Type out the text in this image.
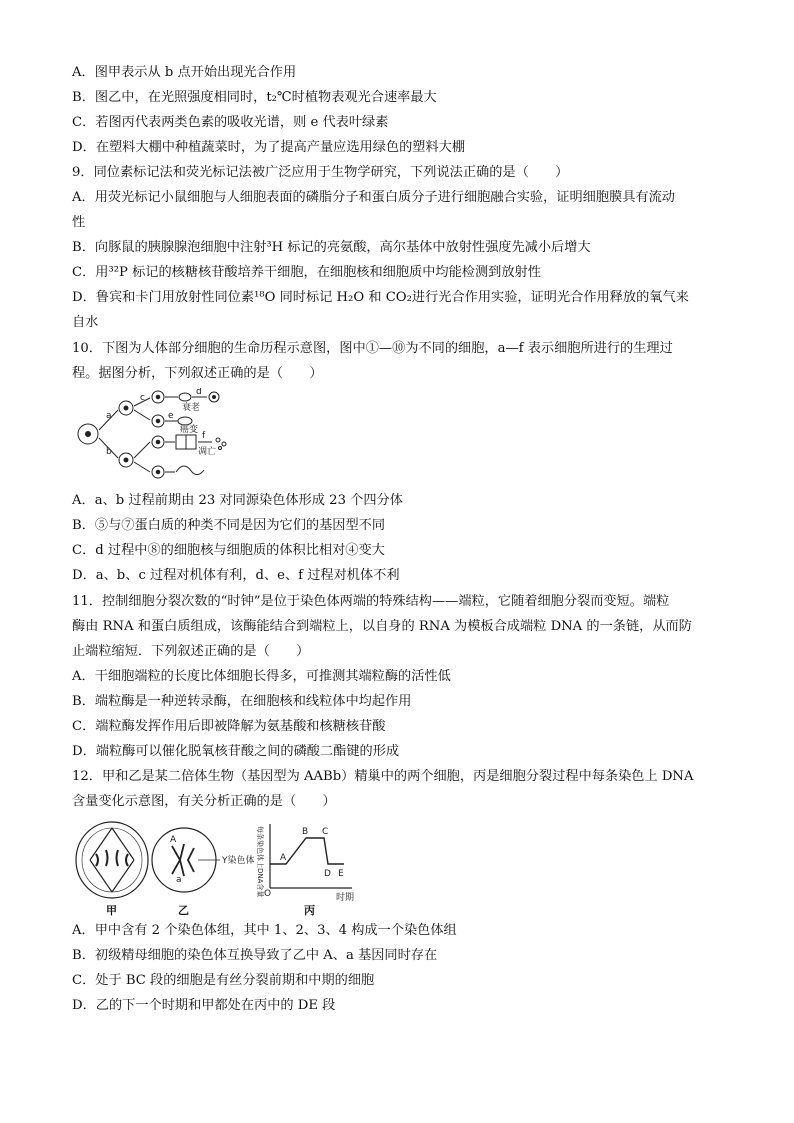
A．图甲表示从 b 点开始出现光合作用
B．图乙中，在光照强度相同时，t₂℃时植物表观光合速率最大
C．若图丙代表两类色素的吸收光谱，则 e 代表叶绿素
D．在塑料大棚中种植蔬菜时，为了提高产量应选用绿色的塑料大棚
9．同位素标记法和荧光标记法被广泛应用于生物学研究，下列说法正确的是（　　）
A．用荧光标记小鼠细胞与人细胞表面的磷脂分子和蛋白质分子进行细胞融合实验，证明细胞膜具有流动
性
B．向豚鼠的胰腺腺泡细胞中注射³H 标记的亮氨酸，高尔基体中放射性强度先减小后增大
C．用³²P 标记的核糖核苷酸培养干细胞，在细胞核和细胞质中均能检测到放射性
D．鲁宾和卡门用放射性同位素¹⁸O 同时标记 H₂O 和 CO₂进行光合作用实验，证明光合作用释放的氧气来
自水
10．下图为人体部分细胞的生命历程示意图，图中①—⑩为不同的细胞，a—f 表示细胞所进行的生理过
程。据图分析，下列叙述正确的是（　　）
衰老
癌变
凋亡
a
b
c
d
e
f
A．a、b 过程前期由 23 对同源染色体形成 23 个四分体
B．⑤与⑦蛋白质的种类不同是因为它们的基因型不同
C．d 过程中⑧的细胞核与细胞质的体积比相对④变大
D．a、b、c 过程对机体有利，d、e、f 过程对机体不利
11．控制细胞分裂次数的“时钟”是位于染色体两端的特殊结构——端粒，它随着细胞分裂而变短。端粒
酶由 RNA 和蛋白质组成，该酶能结合到端粒上，以自身的 RNA 为模板合成端粒 DNA 的一条链，从而防
止端粒缩短．下列叙述正确的是（　　）
A．干细胞端粒的长度比体细胞长得多，可推测其端粒酶的活性低
B．端粒酶是一种逆转录酶，在细胞核和线粒体中均起作用
C．端粒酶发挥作用后即被降解为氨基酸和核糖核苷酸
D．端粒酶可以催化脱氧核苷酸之间的磷酸二酯键的形成
12．甲和乙是某二倍体生物（基因型为 AABb）精巢中的两个细胞，丙是细胞分裂过程中每条染色上 DNA
含量变化示意图，有关分析正确的是（　　）
A
a
Y染色体 每条染色体上DNA含量 A
B C
D E
O	时期
甲	乙	丙
A．甲中含有 2 个染色体组，其中 1、2、3、4 构成一个染色体组
B．初级精母细胞的染色体互换导致了乙中 A、a 基因同时存在
C．处于 BC 段的细胞是有丝分裂前期和中期的细胞
D．乙的下一个时期和甲都处在丙中的 DE 段
